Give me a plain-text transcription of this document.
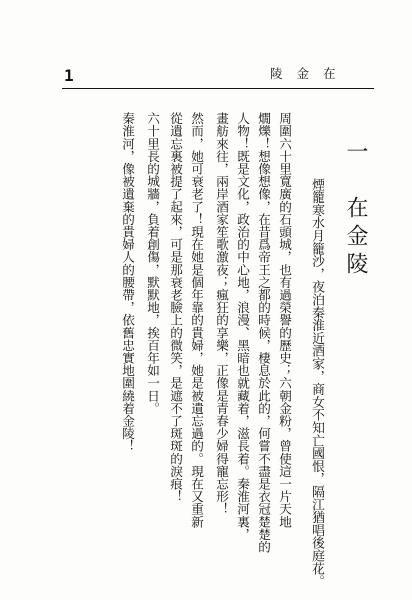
1	陵金在
一　在金陵
煙籠寒水月籠沙，夜泊秦淮近酒家，商女不知亡國恨，隔江猶唱後庭花。
周圍六十里寬廣的石頭城，也有過榮譽的歷史；六朝金粉，曾使這一片天地
燗爍！想像想像，在昔爲帝王之都的時候，棲息於此的，何嘗不盡是衣冠楚楚的
人物！既是文化，政治的中心地，浪漫、黑暗也就藏着，滋長着。秦淮河裏，
畫舫來往，兩岸酒家笙歌激夜；瘋狂的享樂，正像是青春少婦得寵忘形！
然而，她可衰老了！現在她是個年靠的貴婦，她是被遺忘過的。現在又重新
從遺忘裏被提了起來，可是那衰老臉上的微笑，是遮不了斑斑的淚痕！
六十里長的城牆，負着創傷，默默地，挨百年如一日。
秦淮河，像被遺棄的貴婦人的腰帶，依舊忠實地圍繞着金陵！
